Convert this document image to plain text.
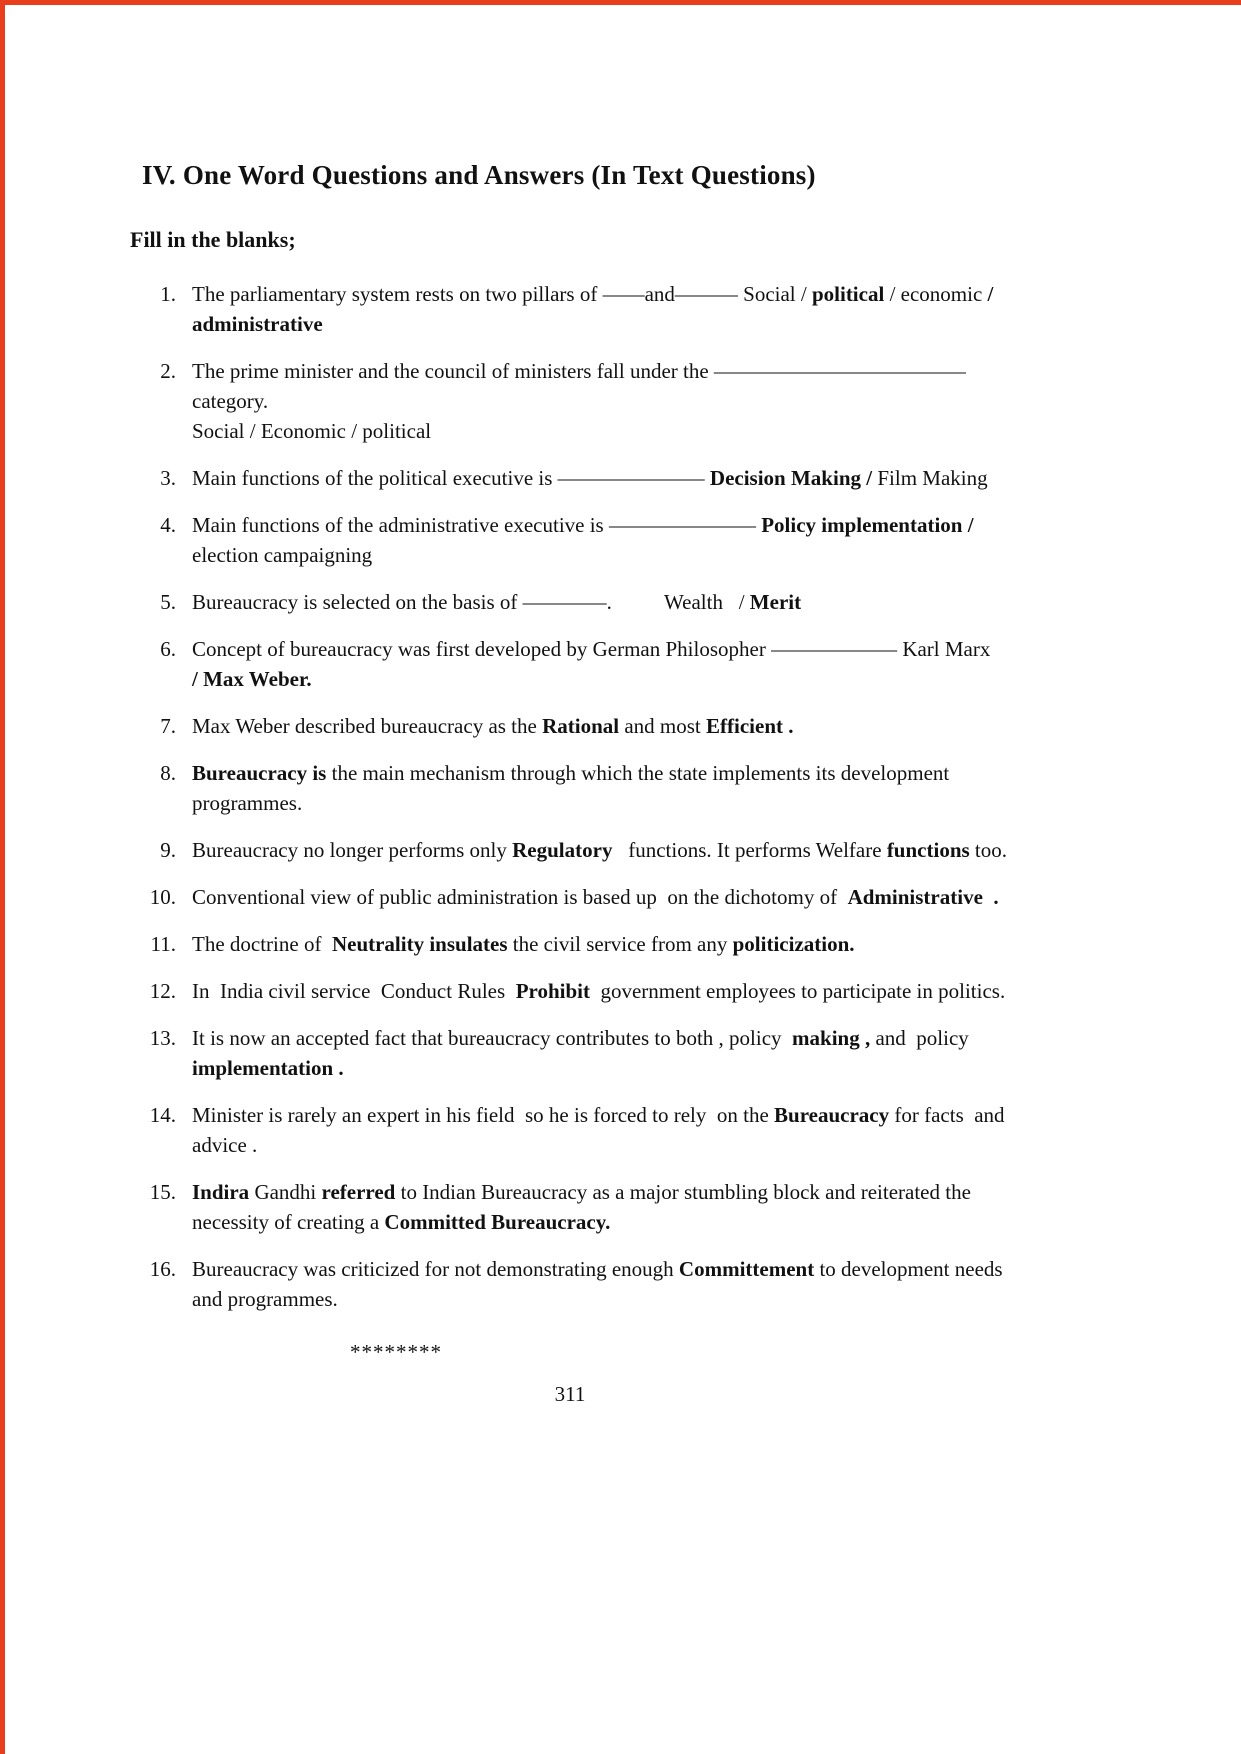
IV. One Word Questions and Answers (In Text Questions)
Fill in the blanks;
1. The parliamentary system rests on two pillars of ——and——— Social / political / economic / administrative
2. The prime minister and the council of ministers fall under the ————————————category.
Social / Economic / political
3. Main functions of the political executive is ——————— Decision Making / Film Making
4. Main functions of the administrative executive is ——————— Policy implementation /
election campaigning
5. Bureaucracy is selected on the basis of ————.          Wealth   / Merit
6. Concept of bureaucracy was first developed by German Philosopher —————— Karl Marx
/ Max Weber.
7. Max Weber described bureaucracy as the Rational and most Efficient .
8. Bureaucracy is the main mechanism through which the state implements its development programmes.
9. Bureaucracy no longer performs only Regulatory   functions. It performs Welfare functions too.
10. Conventional view of public administration is based up  on the dichotomy of  Administrative  .
11. The doctrine of  Neutrality insulates the civil service from any politicization.
12. In  India civil service  Conduct Rules  Prohibit  government employees to participate in politics.
13. It is now an accepted fact that bureaucracy contributes to both , policy  making , and  policy implementation .
14. Minister is rarely an expert in his field  so he is forced to rely  on the Bureaucracy for facts  and advice .
15. Indira Gandhi referred to Indian Bureaucracy as a major stumbling block and reiterated the necessity of creating a Committed Bureaucracy.
16. Bureaucracy was criticized for not demonstrating enough Committement to development needs and programmes.
********
311
